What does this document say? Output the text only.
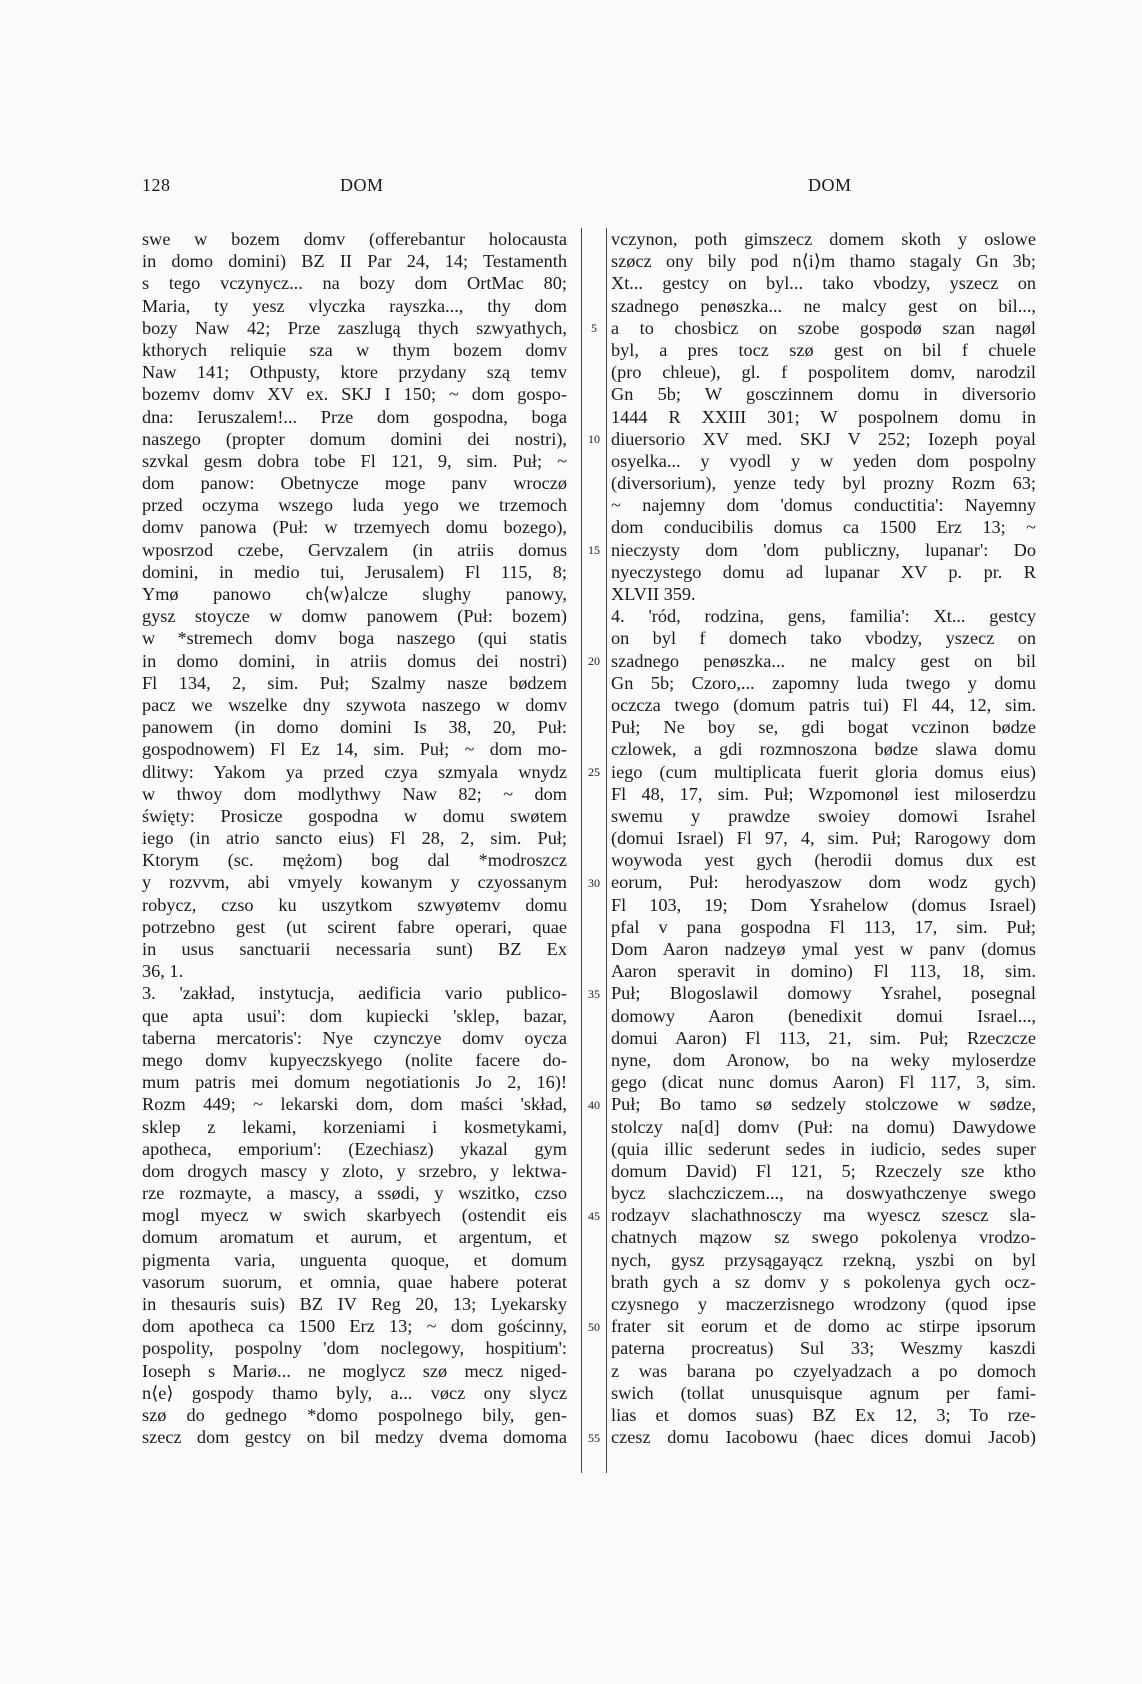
128	DOM	DOM
swe w bozem domv (offerebantur holocausta
in domo domini) BZ II Par 24, 14; Testamenth
s tego vczynycz... na bozy dom OrtMac 80;
Maria, ty yesz vlyczka rayszka..., thy dom
bozy Naw 42; Prze zaszlugą thych szwyathych,
kthorych reliquie sza w thym bozem domv
Naw 141; Othpusty, ktore przydany szą temv
bozemv domv XV ex. SKJ I 150; ~ dom gospo-
dna: Ieruszalem!... Prze dom gospodna, boga
naszego (propter domum domini dei nostri),
szvkal gesm dobra tobe Fl 121, 9, sim. Puł; ~
dom panow: Obetnycze moge panv wroczø
przed oczyma wszego luda yego we trzemoch
domv panowa (Puł: w trzemyech domu bozego),
wposrzod czebe, Gervzalem (in atriis domus
domini, in medio tui, Jerusalem) Fl 115, 8;
Ymø panowo ch⟨w⟩alcze slughy panowy,
gysz stoycze w domw panowem (Puł: bozem)
w *stremech domv boga naszego (qui statis
in domo domini, in atriis domus dei nostri)
Fl 134, 2, sim. Puł; Szalmy nasze bødzem
pacz we wszelke dny szywota naszego w domv
panowem (in domo domini Is 38, 20, Puł:
gospodnowem) Fl Ez 14, sim. Puł; ~ dom mo-
dlitwy: Yakom ya przed czya szmyala wnydz
w thwoy dom modlythwy Naw 82; ~ dom
święty: Prosicze gospodna w domu swøtem
iego (in atrio sancto eius) Fl 28, 2, sim. Puł;
Ktorym (sc. mężom) bog dal *modroszcz
y rozvvm, abi vmyely kowanym y czyossanym
robycz, czso ku uszytkom szwyøtemv domu
potrzebno gest (ut scirent fabre operari, quae
in usus sanctuarii necessaria sunt) BZ Ex
36, 1.
3. 'zakład, instytucja, aedificia vario publico-
que apta usui': dom kupiecki 'sklep, bazar,
taberna mercatoris': Nye czynczye domv oycza
mego domv kupyeczskyego (nolite facere do-
mum patris mei domum negotiationis Jo 2, 16)!
Rozm 449; ~ lekarski dom, dom maści 'skład,
sklep z lekami, korzeniami i kosmetykami,
apotheca, emporium': (Ezechiasz) ykazal gym
dom drogych mascy y zloto, y srzebro, y lektwa-
rze rozmayte, a mascy, a ssødi, y wszitko, czso
mogl myecz w swich skarbyech (ostendit eis
domum aromatum et aurum, et argentum, et
pigmenta varia, unguenta quoque, et domum
vasorum suorum, et omnia, quae habere poterat
in thesauris suis) BZ IV Reg 20, 13; Lyekarsky
dom apotheca ca 1500 Erz 13; ~ dom gościnny,
pospolity, pospolny 'dom noclegowy, hospitium':
Ioseph s Mariø... ne moglycz szø mecz niged-
n⟨e⟩ gospody thamo byly, a... vøcz ony slycz
szø do gednego *domo pospolnego bily, gen-
szecz dom gestcy on bil medzy dvema domoma
5
10
15
20
25
30
35
40
45
50
55
vczynon, poth gimszecz domem skoth y oslowe
szøcz ony bily pod n⟨i⟩m thamo stagaly Gn 3b;
Xt... gestcy on byl... tako vbodzy, yszecz on
szadnego penøszka... ne malcy gest on bil...,
a to chosbicz on szobe gospodø szan nagøl
byl, a pres tocz szø gest on bil f chuele
(pro chleue), gl. f pospolitem domv, narodzil
Gn 5b; W gosczinnem domu in diversorio
1444 R XXIII 301; W pospolnem domu in
diuersorio XV med. SKJ V 252; Iozeph poyal
osyelka... y vyodl y w yeden dom pospolny
(diversorium), yenze tedy byl prozny Rozm 63;
~ najemny dom 'domus conductitia': Nayemny
dom conducibilis domus ca 1500 Erz 13; ~
nieczysty dom 'dom publiczny, lupanar': Do
nyeczystego domu ad lupanar XV p. pr. R
XLVII 359.
4. 'ród, rodzina, gens, familia': Xt... gestcy
on byl f domech tako vbodzy, yszecz on
szadnego penøszka... ne malcy gest on bil
Gn 5b; Czoro,... zapomny luda twego y domu
oczcza twego (domum patris tui) Fl 44, 12, sim.
Puł; Ne boy se, gdi bogat vczinon bødze
czlowek, a gdi rozmnoszona bødze slawa domu
iego (cum multiplicata fuerit gloria domus eius)
Fl 48, 17, sim. Puł; Wzpomonøl iest miloserdzu
swemu y prawdze swoiey domowi Israhel
(domui Israel) Fl 97, 4, sim. Puł; Rarogowy dom
woywoda yest gych (herodii domus dux est
eorum, Puł: herodyaszow dom wodz gych)
Fl 103, 19; Dom Ysrahelow (domus Israel)
pfal v pana gospodna Fl 113, 17, sim. Puł;
Dom Aaron nadzeyø ymal yest w panv (domus
Aaron speravit in domino) Fl 113, 18, sim.
Puł; Blogoslawil domowy Ysrahel, posegnal
domowy Aaron (benedixit domui Israel...,
domui Aaron) Fl 113, 21, sim. Puł; Rzeczcze
nyne, dom Aronow, bo na weky myloserdze
gego (dicat nunc domus Aaron) Fl 117, 3, sim.
Puł; Bo tamo sø sedzely stolczowe w sødze,
stolczy na[d] domv (Puł: na domu) Dawydowe
(quia illic sederunt sedes in iudicio, sedes super
domum David) Fl 121, 5; Rzeczely sze ktho
bycz slachcziczem..., na doswyathczenye swego
rodzayv slachathnosczy ma wyescz szescz sla-
chatnych mązow sz swego pokolenya vrodzo-
nych, gysz przysągayącz rzekną, yszbi on byl
brath gych a sz domv y s pokolenya gych ocz-
czysnego y maczerzisnego wrodzony (quod ipse
frater sit eorum et de domo ac stirpe ipsorum
paterna procreatus) Sul 33; Weszmy kaszdi
z was barana po czyelyadzach a po domoch
swich (tollat unusquisque agnum per fami-
lias et domos suas) BZ Ex 12, 3; To rze-
czesz domu Iacobowu (haec dices domui Jacob)
